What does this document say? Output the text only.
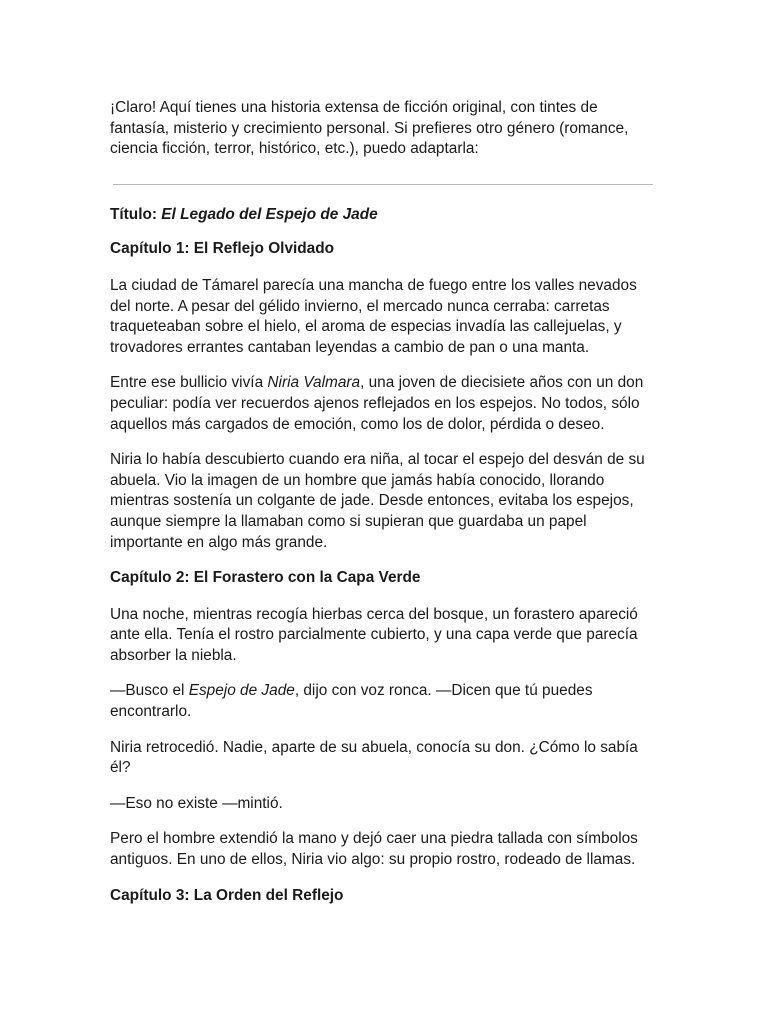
¡Claro! Aquí tienes una historia extensa de ficción original, con tintes de fantasía, misterio y crecimiento personal. Si prefieres otro género (romance, ciencia ficción, terror, histórico, etc.), puedo adaptarla:

Título: El Legado del Espejo de Jade

Capítulo 1: El Reflejo Olvidado

La ciudad de Támarel parecía una mancha de fuego entre los valles nevados del norte. A pesar del gélido invierno, el mercado nunca cerraba: carretas traqueteaban sobre el hielo, el aroma de especias invadía las callejuelas, y trovadores errantes cantaban leyendas a cambio de pan o una manta.

Entre ese bullicio vivía Niria Valmara, una joven de diecisiete años con un don peculiar: podía ver recuerdos ajenos reflejados en los espejos. No todos, sólo aquellos más cargados de emoción, como los de dolor, pérdida o deseo.

Niria lo había descubierto cuando era niña, al tocar el espejo del desván de su abuela. Vio la imagen de un hombre que jamás había conocido, llorando mientras sostenía un colgante de jade. Desde entonces, evitaba los espejos, aunque siempre la llamaban como si supieran que guardaba un papel importante en algo más grande.

Capítulo 2: El Forastero con la Capa Verde

Una noche, mientras recogía hierbas cerca del bosque, un forastero apareció ante ella. Tenía el rostro parcialmente cubierto, y una capa verde que parecía absorber la niebla.

—Busco el Espejo de Jade, dijo con voz ronca. —Dicen que tú puedes encontrarlo.

Niria retrocedió. Nadie, aparte de su abuela, conocía su don. ¿Cómo lo sabía él?

—Eso no existe —mintió.

Pero el hombre extendió la mano y dejó caer una piedra tallada con símbolos antiguos. En uno de ellos, Niria vio algo: su propio rostro, rodeado de llamas.

Capítulo 3: La Orden del Reflejo
